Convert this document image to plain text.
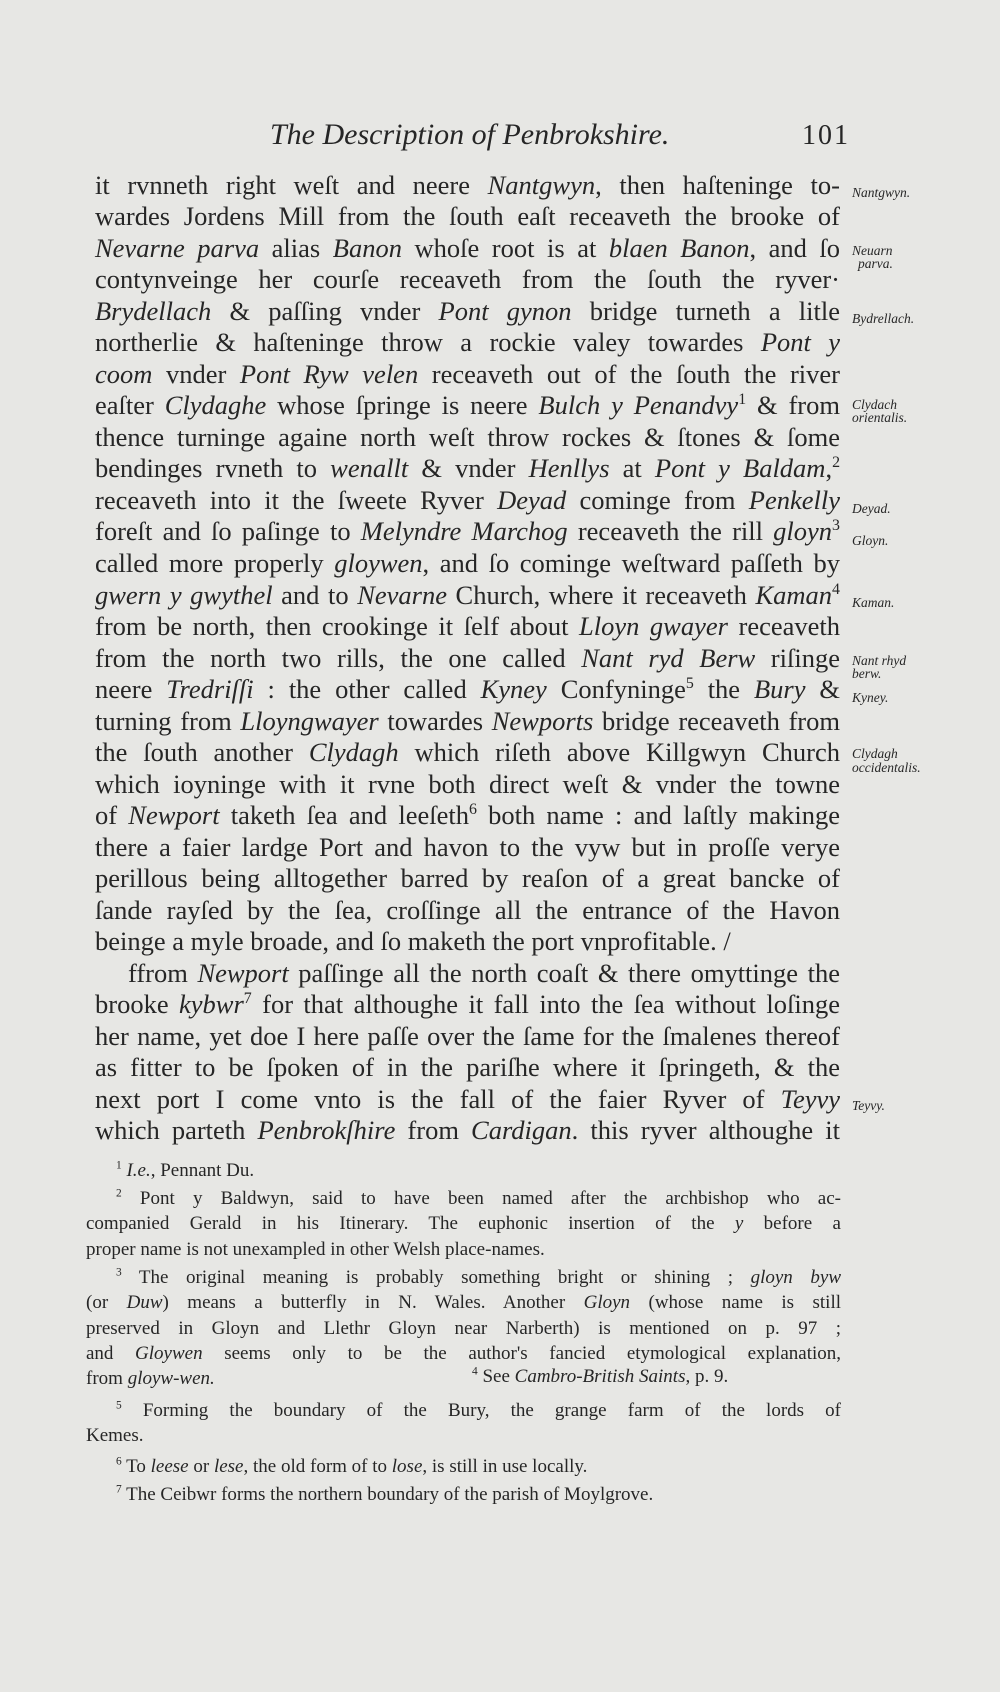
The Description of Penbrokshire.	101
it rvnneth right weſt and neere Nantgwyn, then haſteninge to-
wardes Jordens Mill from the ſouth eaſt receaveth the brooke of
Nevarne parva alias Banon whoſe root is at blaen Banon, and ſo
contynveinge her courſe receaveth from the ſouth the ryver·
Brydellach & paſſing vnder Pont gynon bridge turneth a litle
northerlie & haſteninge throw a rockie valey towardes Pont y
coom vnder Pont Ryw velen receaveth out of the ſouth the river
eaſter Clydaghe whose ſpringe is neere Bulch y Penandvy$^1$ & from
thence turninge againe north weſt throw rockes & ſtones & ſome
bendinges rvneth to wenallt & vnder Henllys at Pont y Baldam,$^2$
receaveth into it the ſweete Ryver Deyad cominge from Penkelly
foreſt and ſo paſinge to Melyndre Marchog receaveth the rill gloyn$^3$
called more properly gloywen, and ſo cominge weſtward paſſeth by
gwern y gwythel and to Nevarne Church, where it receaveth Kaman$^4$
from be north, then crookinge it ſelf about Lloyn gwayer receaveth
from the north two rills, the one called Nant ryd Berw riſinge
neere Tredriſſi : the other called Kyney Confyninge$^5$ the Bury &
turning from Lloyngwayer towardes Newports bridge receaveth from
the ſouth another Clydagh which riſeth above Killgwyn Church
which ioyninge with it rvne both direct weſt & vnder the towne
of Newport taketh ſea and leeſeth$^6$ both name : and laſtly makinge
there a faier lardge Port and havon to the vyw but in proſſe verye
perillous being alltogether barred by reaſon of a great bancke of
ſande rayſed by the ſea, croſſinge all the entrance of the Havon
beinge a myle broade, and ſo maketh the port vnprofitable. /
ffrom Newport paſſinge all the north coaſt & there omyttinge the
brooke kybwr$^7$ for that althoughe it fall into the ſea without loſinge
her name, yet doe I here paſſe over the ſame for the ſmalenes thereof
as fitter to be ſpoken of in the pariſhe where it ſpringeth, & the
next port I come vnto is the fall of the faier Ryver of Teyvy
which parteth Penbrokſhire from Cardigan. this ryver althoughe it
Nantgwyn.
Neuarn
parva.
Bydrellach.
Clydach
orientalis.
Deyad.
Gloyn.
Kaman.
Nant rhyd
berw.
Kyney.
Clydagh
occidentalis.
Teyvy.
$^1$ I.e., Pennant Du.
$^2$ Pont y Baldwyn, said to have been named after the archbishop who ac-
companied Gerald in his Itinerary. The euphonic insertion of the y before a
proper name is not unexampled in other Welsh place-names.
$^3$ The original meaning is probably something bright or shining ; gloyn byw
(or Duw) means a butterfly in N. Wales. Another Gloyn (whose name is still
preserved in Gloyn and Llethr Gloyn near Narberth) is mentioned on p. 97 ;
and Gloywen seems only to be the author's fancied etymological explanation,
from gloyw-wen.	$^4$ See Cambro-British Saints, p. 9.
$^5$ Forming the boundary of the Bury, the grange farm of the lords of
Kemes.
$^6$ To leese or lese, the old form of to lose, is still in use locally.
$^7$ The Ceibwr forms the northern boundary of the parish of Moylgrove.
